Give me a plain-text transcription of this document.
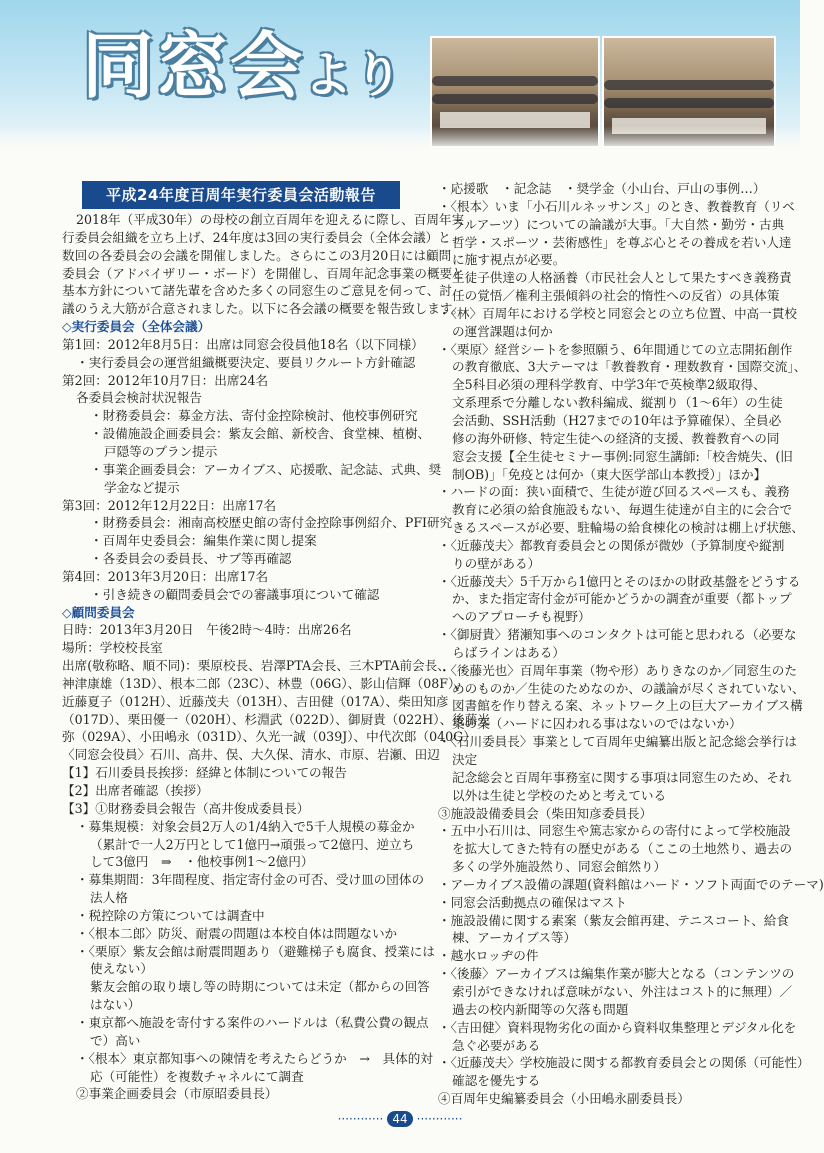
同窓会より
平成24年度百周年実行委員会活動報告
2018年（平成30年）の母校の創立百周年を迎えるに際し、百周年実
行委員会組織を立ち上げ、24年度は3回の実行委員会（全体会議）と
数回の各委員会の会議を開催しました。さらにこの3月20日には顧問
委員会（アドバイザリー・ボード）を開催し、百周年記念事業の概要と
基本方針について諸先輩を含めた多くの同窓生のご意見を伺って、討
議のうえ大筋が合意されました。以下に各会議の概要を報告致します。
◇実行委員会（全体会議）
第1回：2012年8月5日：出席は同窓会役員他18名（以下同様）
・実行委員会の運営組織概要決定、要員リクルート方針確認
第2回：2012年10月7日：出席24名
各委員会検討状況報告
・財務委員会：募金方法、寄付金控除検討、他校事例研究
・設備施設企画委員会：紫友会館、新校舎、食堂棟、植樹、
戸隠等のプラン提示
・事業企画委員会：アーカイブス、応援歌、記念誌、式典、奨
学金など提示
第3回：2012年12月22日：出席17名
・財務委員会：湘南高校歴史館の寄付金控除事例紹介、PFI研究
・百周年史委員会：編集作業に関し提案
・各委員会の委員長、サブ等再確認
第4回：2013年3月20日：出席17名
・引き続きの顧問委員会での審議事項について確認
◇顧問委員会
日時：2013年3月20日　午後2時〜4時：出席26名
場所：学校校長室
出席(敬称略、順不同)：栗原校長、岩澤PTA会長、三木PTA前会長、
神津康雄（13D）、根本二郎（23C）、林豊（06G）、影山信輝（08F）、
近藤夏子（012H）、近藤茂夫（013H）、吉田健（017A）、柴田知彦
（017D）、栗田優一（020H）、杉淵武（022D）、御厨貴（022H）、後藤光
弥（029A）、小田嶋永（031D）、久光一誠（039J）、中代次郎（040G）
〈同窓会役員〉石川、高井、俣、大久保、清水、市原、岩瀬、田辺
【1】石川委員長挨拶：経緯と体制についての報告
【2】出席者確認（挨拶）
【3】①財務委員会報告（高井俊成委員長）
・募集規模：対象会員2万人の1/4納入で5千人規模の募金か
（累計で一人2万円として1億円→頑張って2億円、逆立ち
して3億円　⇒　・他校事例1〜2億円）
・募集期間：3年間程度、指定寄付金の可否、受け皿の団体の
法人格
・税控除の方策については調査中
・〈根本二郎〉防災、耐震の問題は本校自体は問題ないか
・〈栗原〉紫友会館は耐震問題あり（避難梯子も腐食、授業には
使えない）
紫友会館の取り壊し等の時期については未定（都からの回答
はない）
・東京都へ施設を寄付する案件のハードルは（私費公費の観点
で）高い
・〈根本〉東京都知事への陳情を考えたらどうか　→　具体的対
応（可能性）を複数チャネルにて調査
②事業企画委員会（市原昭委員長）
・応援歌　・記念誌　・奨学金（小山台、戸山の事例…）
・〈根本〉いま「小石川ルネッサンス」のとき、教養教育（リベ
ラルアーツ）についての論議が大事。「大自然・勤労・古典
哲学・スポーツ・芸術感性」を尊ぶ心とその養成を若い人達
に施す視点が必要。
生徒子供達の人格涵養（市民社会人として果たすべき義務責
任の覚悟／権利主張傾斜の社会的惰性への反省）の具体策
・〈林〉百周年における学校と同窓会との立ち位置、中高一貫校
の運営課題は何か
・〈栗原〉経営シートを参照願う、6年間通じての立志開拓創作
の教育徹底、3大テーマは「教養教育・理数教育・国際交流」、
全5科目必須の理科学教育、中学3年で英検準2級取得、
文系理系で分離しない教科編成、縦割り（1〜6年）の生徒
会活動、SSH活動（H27までの10年は予算確保）、全員必
修の海外研修、特定生徒への経済的支援、教養教育への同
窓会支援【全生徒セミナー事例:同窓生講師:「校舎焼失、(旧
制OB)」「免疫とは何か（東大医学部山本教授）」ほか】
・ハードの面：狭い面積で、生徒が遊び回るスペースも、義務
教育に必須の給食施設もない、毎週生徒達が自主的に会合で
きるスペースが必要、駐輪場の給食棟化の検討は棚上げ状態、
・〈近藤茂夫〉都教育委員会との関係が微妙（予算制度や縦割
りの壁がある）
・〈近藤茂夫〉5千万から1億円とそのほかの財政基盤をどうする
か、また指定寄付金が可能かどうかの調査が重要（都トップ
へのアプローチも視野）
・〈御厨貴〉猪瀬知事へのコンタクトは可能と思われる（必要な
らばラインはある）
・〈後藤光也〉百周年事業（物や形）ありきなのか／同窓生のた
めのものか／生徒のためなのか、の議論が尽くされていない、
図書館を作り替える案、ネットワーク上の巨大アーカイブス構
築の案（ハードに囚われる事はないのではないか）
・〈石川委員長〉事業として百周年史編纂出版と記念総会挙行は
決定
記念総会と百周年事務室に関する事項は同窓生のため、それ
以外は生徒と学校のためと考えている
③施設設備委員会（柴田知彦委員長）
・五中小石川は、同窓生や篤志家からの寄付によって学校施設
を拡大してきた特有の歴史がある（ここの土地然り、過去の
多くの学外施設然り、同窓会館然り）
・アーカイブス設備の課題(資料館はハード・ソフト両面でのテーマ)
・同窓会活動拠点の確保はマスト
・施設設備に関する素案（紫友会館再建、テニスコート、給食
棟、アーカイブス等）
・越水ロッヂの件
・〈後藤〉アーカイブスは編集作業が膨大となる（コンテンツの
索引ができなければ意味がない、外注はコスト的に無理）／
過去の校内新聞等の欠落も問題
・〈吉田健〉資料現物劣化の面から資料収集整理とデジタル化を
急ぐ必要がある
・〈近藤茂夫〉学校施設に関する都教育委員会との関係（可能性）
確認を優先する
④百周年史編纂委員会（小田嶋永副委員長）
············ 44 ············
